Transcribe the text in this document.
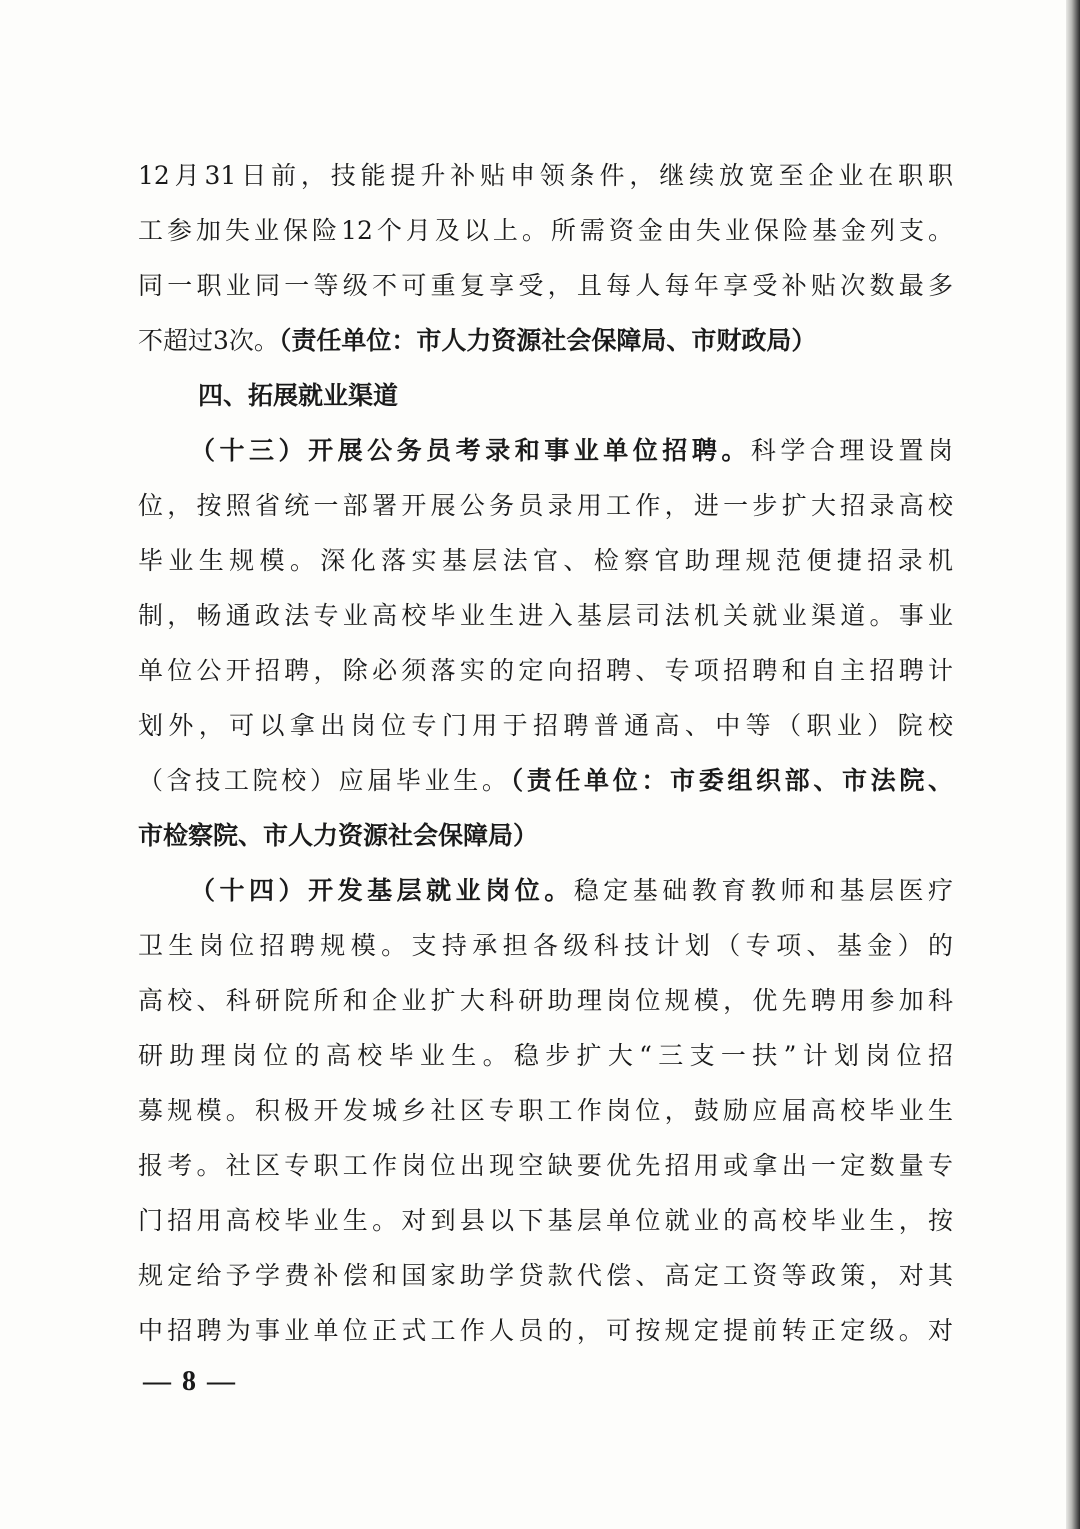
12月31日前，技能提升补贴申领条件，继续放宽至企业在职职
工参加失业保险12个月及以上。所需资金由失业保险基金列支。
同一职业同一等级不可重复享受，且每人每年享受补贴次数最多
不超过3次。（责任单位：市人力资源社会保障局、市财政局）
四、拓展就业渠道
（十三）开展公务员考录和事业单位招聘。科学合理设置岗
位，按照省统一部署开展公务员录用工作，进一步扩大招录高校
毕业生规模。深化落实基层法官、检察官助理规范便捷招录机
制，畅通政法专业高校毕业生进入基层司法机关就业渠道。事业
单位公开招聘，除必须落实的定向招聘、专项招聘和自主招聘计
划外，可以拿出岗位专门用于招聘普通高、中等（职业）院校
（含技工院校）应届毕业生。（责任单位：市委组织部、市法院、
市检察院、市人力资源社会保障局）
（十四）开发基层就业岗位。稳定基础教育教师和基层医疗
卫生岗位招聘规模。支持承担各级科技计划（专项、基金）的
高校、科研院所和企业扩大科研助理岗位规模，优先聘用参加科
研助理岗位的高校毕业生。稳步扩大“三支一扶”计划岗位招
募规模。积极开发城乡社区专职工作岗位，鼓励应届高校毕业生
报考。社区专职工作岗位出现空缺要优先招用或拿出一定数量专
门招用高校毕业生。对到县以下基层单位就业的高校毕业生，按
规定给予学费补偿和国家助学贷款代偿、高定工资等政策，对其
中招聘为事业单位正式工作人员的，可按规定提前转正定级。对
— 8 —
